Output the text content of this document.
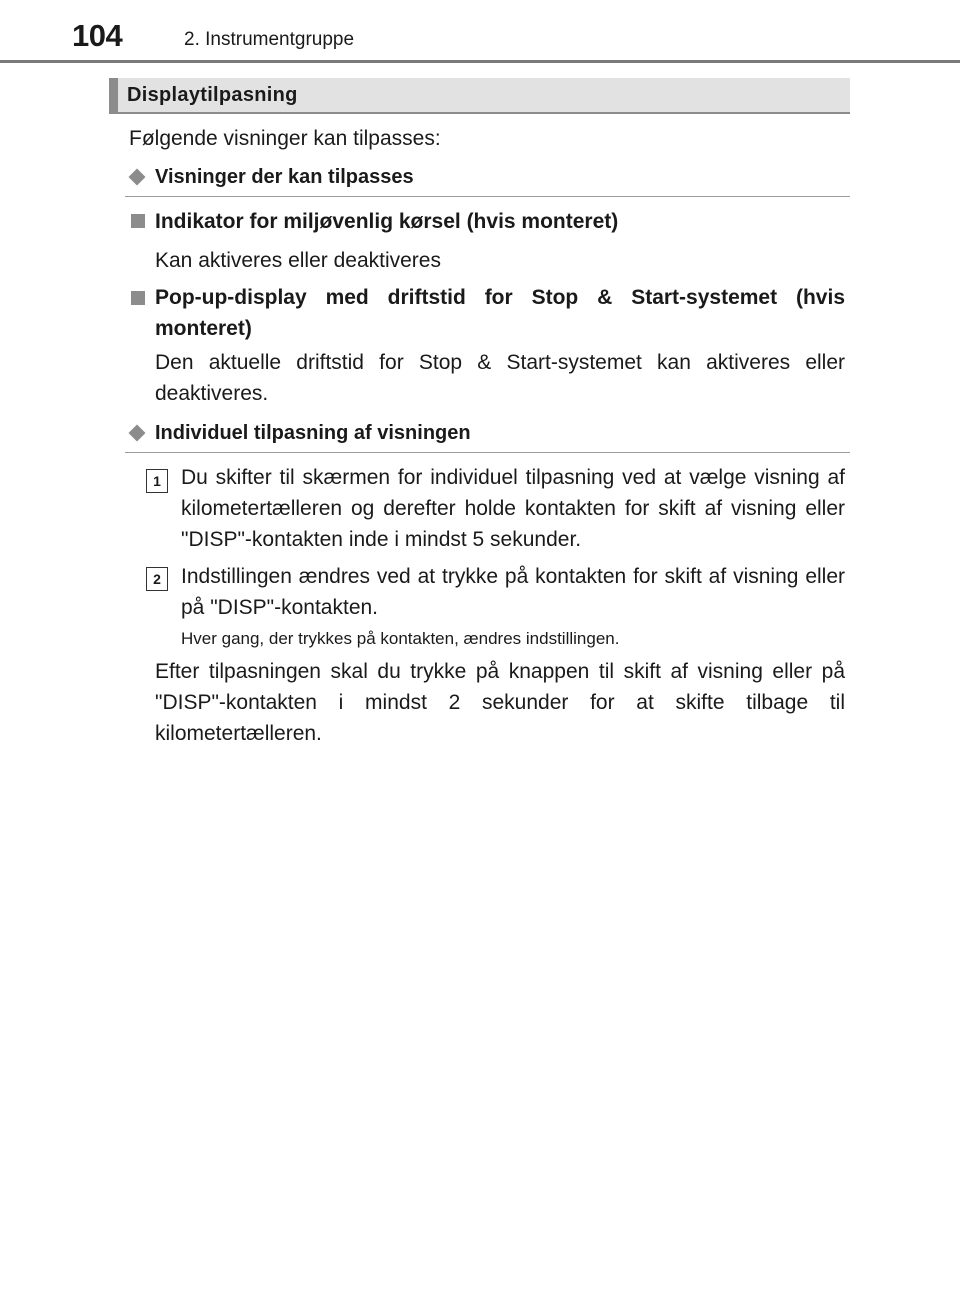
104	2. Instrumentgruppe
Displaytilpasning
Følgende visninger kan tilpasses:
Visninger der kan tilpasses
Indikator for miljøvenlig kørsel (hvis monteret)
Kan aktiveres eller deaktiveres
Pop-up-display med driftstid for Stop & Start-systemet (hvis monteret)
Den aktuelle driftstid for Stop & Start-systemet kan aktiveres eller deaktiveres.
Individuel tilpasning af visningen
1 Du skifter til skærmen for individuel tilpasning ved at vælge visning af kilometertælleren og derefter holde kontakten for skift af visning eller "DISP"-kontakten inde i mindst 5 sekunder.
2 Indstillingen ændres ved at trykke på kontakten for skift af visning eller på "DISP"-kontakten.
Hver gang, der trykkes på kontakten, ændres indstillingen.
Efter tilpasningen skal du trykke på knappen til skift af visning eller på "DISP"-kontakten i mindst 2 sekunder for at skifte tilbage til kilometertælleren.
